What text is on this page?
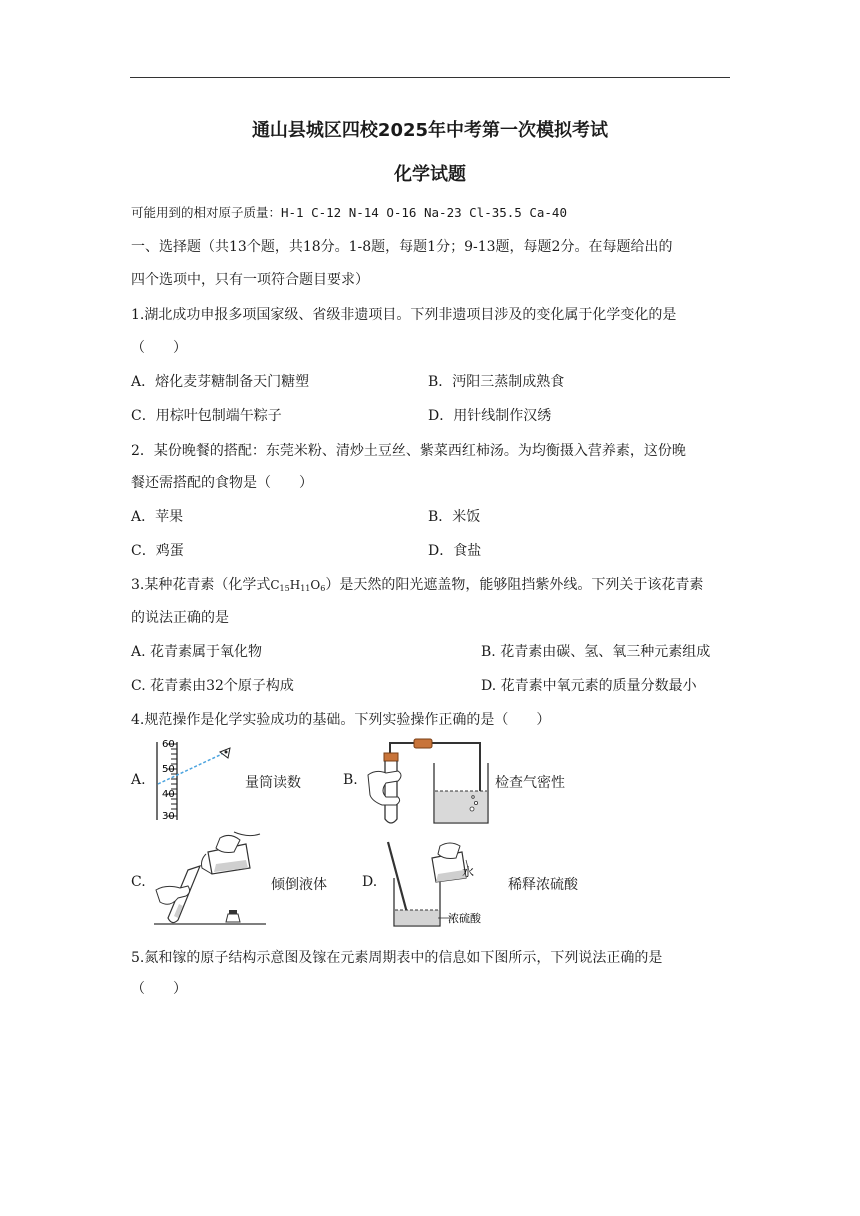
通山县城区四校2025年中考第一次模拟考试
化学试题
可能用到的相对原子质量：H-1 C-12 N-14 O-16 Na-23 Cl-35.5 Ca-40
一、选择题（共13个题，共18分。1-8题，每题1分；9-13题，每题2分。在每题给出的
四个选项中，只有一项符合题目要求）
1.湖北成功申报多项国家级、省级非遗项目。下列非遗项目涉及的变化属于化学变化的是
（　　）
A．熔化麦芽糖制备天门糖塑	B．沔阳三蒸制成熟食
C．用棕叶包制端午粽子	D．用针线制作汉绣
2．某份晚餐的搭配：东莞米粉、清炒土豆丝、紫菜西红柿汤。为均衡摄入营养素，这份晚
餐还需搭配的食物是（　　）
A．苹果	B．米饭
C．鸡蛋	D．食盐
3.某种花青素（化学式$C_{15}H_{11}O_6$）是天然的阳光遮盖物，能够阻挡紫外线。下列关于该花青素
的说法正确的是
A. 花青素属于氧化物	B. 花青素由碳、氢、氧三种元素组成
C. 花青素由32个原子构成	D. 花青素中氧元素的质量分数最小
4.规范操作是化学实验成功的基础。下列实验操作正确的是（　　）
A.
60
50
40
30
量筒读数	B.	检查气密性
C.	倾倒液体	D.
水
浓硫酸
稀释浓硫酸
5.氮和镓的原子结构示意图及镓在元素周期表中的信息如下图所示，下列说法正确的是
（　　）
